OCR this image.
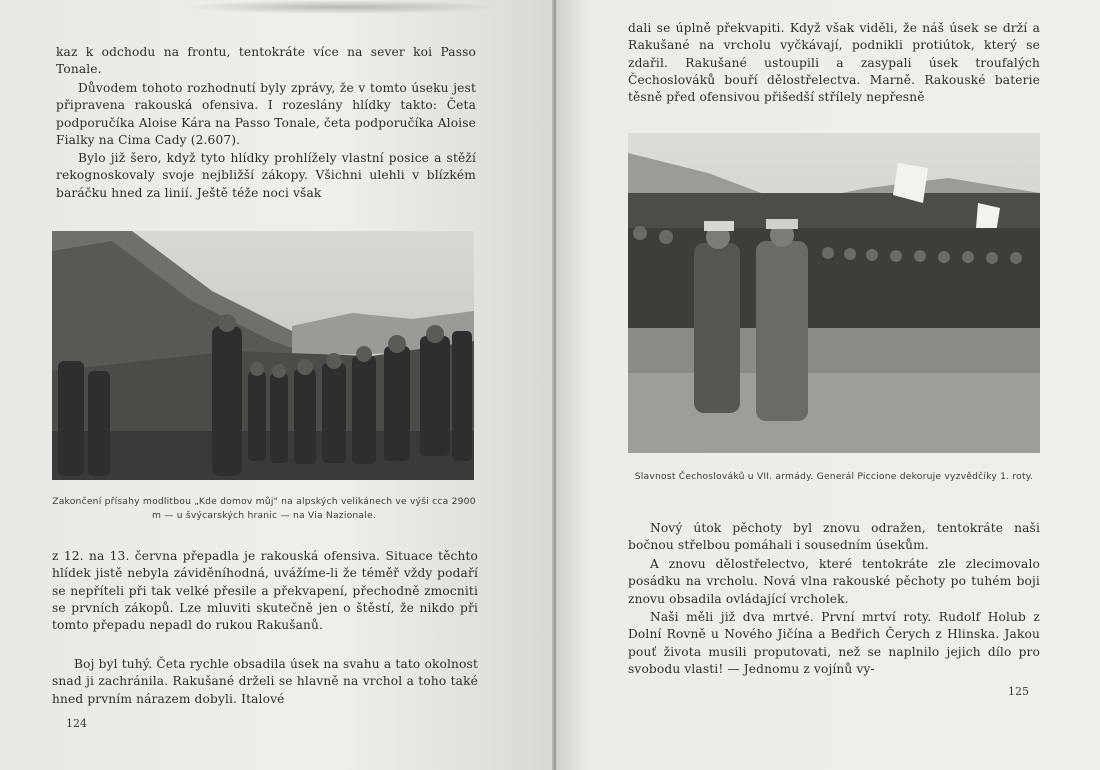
kaz k odchodu na frontu, tentokráte více na sever koi Passo Tonale.

Důvodem tohoto rozhodnutí byly zprávy, že v tomto úseku jest připravena rakouská ofensiva. I rozeslány hlídky takto: Četa podporučíka Aloise Kára na Passo Tonale, četa podporučíka Aloise Fialky na Cima Cady (2.607).

Bylo již šero, když tyto hlídky prohlížely vlastní posice a stěží rekognoskovaly svoje nejbližší zákopy. Všichni ulehli v blízkém baráčku hned za linií. Ještě téže noci však

Zakončení přísahy modlitbou „Kde domov můj" na alpských velikánech ve výši cca 2900 m — u švýcarských hranic — na Via Nazionale.

z 12. na 13. června přepadla je rakouská ofensiva. Situace těchto hlídek jistě nebyla záviděníhodná, uvážíme-li že téměř vždy podaří se nepříteli při tak velké přesile a překvapení, přechodně zmocniti se prvních zákopů. Lze mluviti skutečně jen o štěstí, že nikdo při tomto přepadu nepadl do rukou Rakušanů.

Boj byl tuhý. Četa rychle obsadila úsek na svahu a tato okolnost snad ji zachránila. Rakušané drželi se hlavně na vrchol a toho také hned prvním nárazem dobyli. Italové

124

dali se úplně překvapiti. Když však viděli, že náš úsek se drží a Rakušané na vrcholu vyčkávají, podnikli protiútok, který se zdařil. Rakušané ustoupili a zasypali úsek troufalých Čechoslováků bouří dělostřelectva. Marně. Rakouské baterie těsně před ofensivou přišedší střílely nepřesně

Slavnost Čechoslováků u VII. armády. Generál Piccione dekoruje vyzvědčíky 1. roty.

Nový útok pěchoty byl znovu odražen, tentokráte naši bočnou střelbou pomáhali i sousedním úsekům.

A znovu dělostřelectvo, které tentokráte zle zlecimovalo posádku na vrcholu. Nová vlna rakouské pěchoty po tuhém boji znovu obsadila ovládající vrcholek.

Naši měli již dva mrtvé. První mrtví roty. Rudolf Holub z Dolní Rovně u Nového Jičína a Bedřich Čerych z Hlinska. Jakou pouť života musili proputovati, než se naplnilo jejich dílo pro svobodu vlasti! — Jednomu z vojínů vy-

125
